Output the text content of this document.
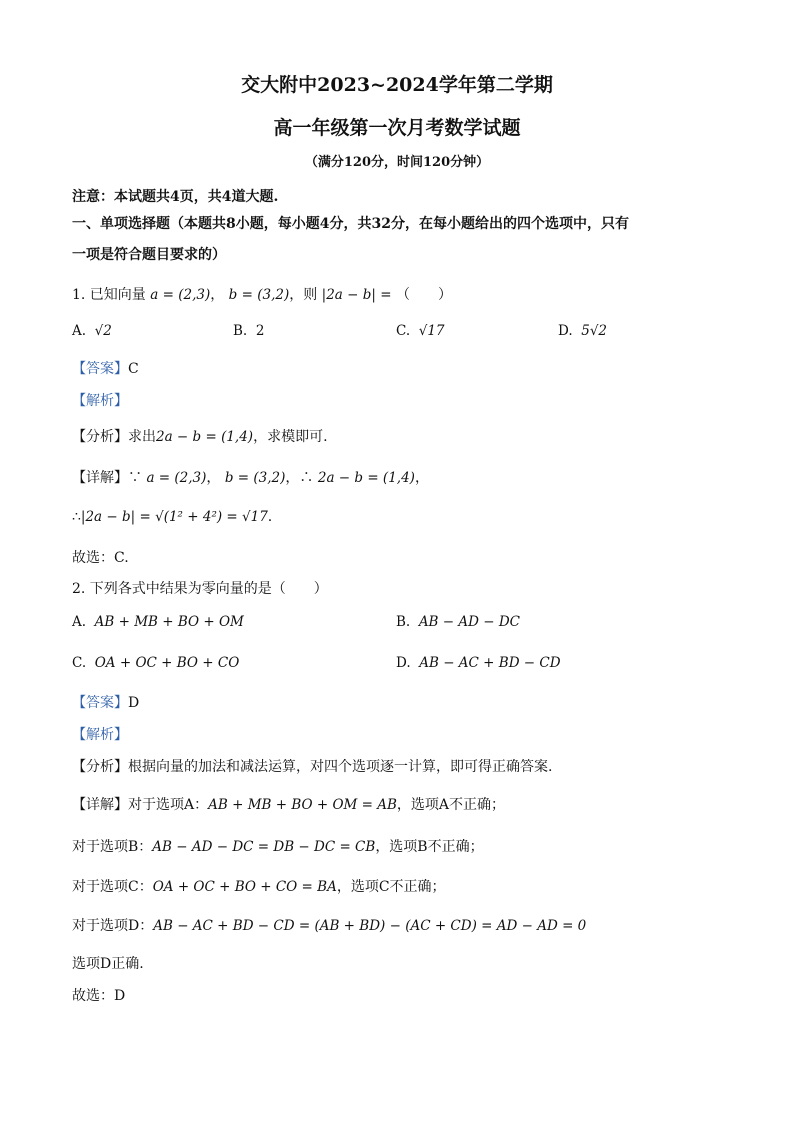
交大附中2023~2024学年第二学期
高一年级第一次月考数学试题
（满分120分，时间120分钟）
注意：本试题共4页，共4道大题.
一、单项选择题（本题共8小题，每小题4分，共32分，在每小题给出的四个选项中，只有
一项是符合题目要求的）
1. 已知向量 a = (2,3)， b = (3,2)，则 |2a − b| = （　　）
A. √2	B. 2	C. √17	D. 5√2
【答案】C
【解析】
【分析】求出2a − b = (1,4)，求模即可.
【详解】∵ a = (2,3)， b = (3,2)，∴ 2a − b = (1,4)，
∴|2a − b| = √(1² + 4²) = √17.
故选：C.
2. 下列各式中结果为零向量的是（　　）
A. AB + MB + BO + OM	B. AB − AD − DC
C. OA + OC + BO + CO	D. AB − AC + BD − CD
【答案】D
【解析】
【分析】根据向量的加法和减法运算，对四个选项逐一计算，即可得正确答案.
【详解】对于选项A：AB + MB + BO + OM = AB，选项A不正确；
对于选项B：AB − AD − DC = DB − DC = CB，选项B不正确；
对于选项C：OA + OC + BO + CO = BA，选项C不正确；
对于选项D：AB − AC + BD − CD = (AB + BD) − (AC + CD) = AD − AD = 0
选项D正确.
故选：D
